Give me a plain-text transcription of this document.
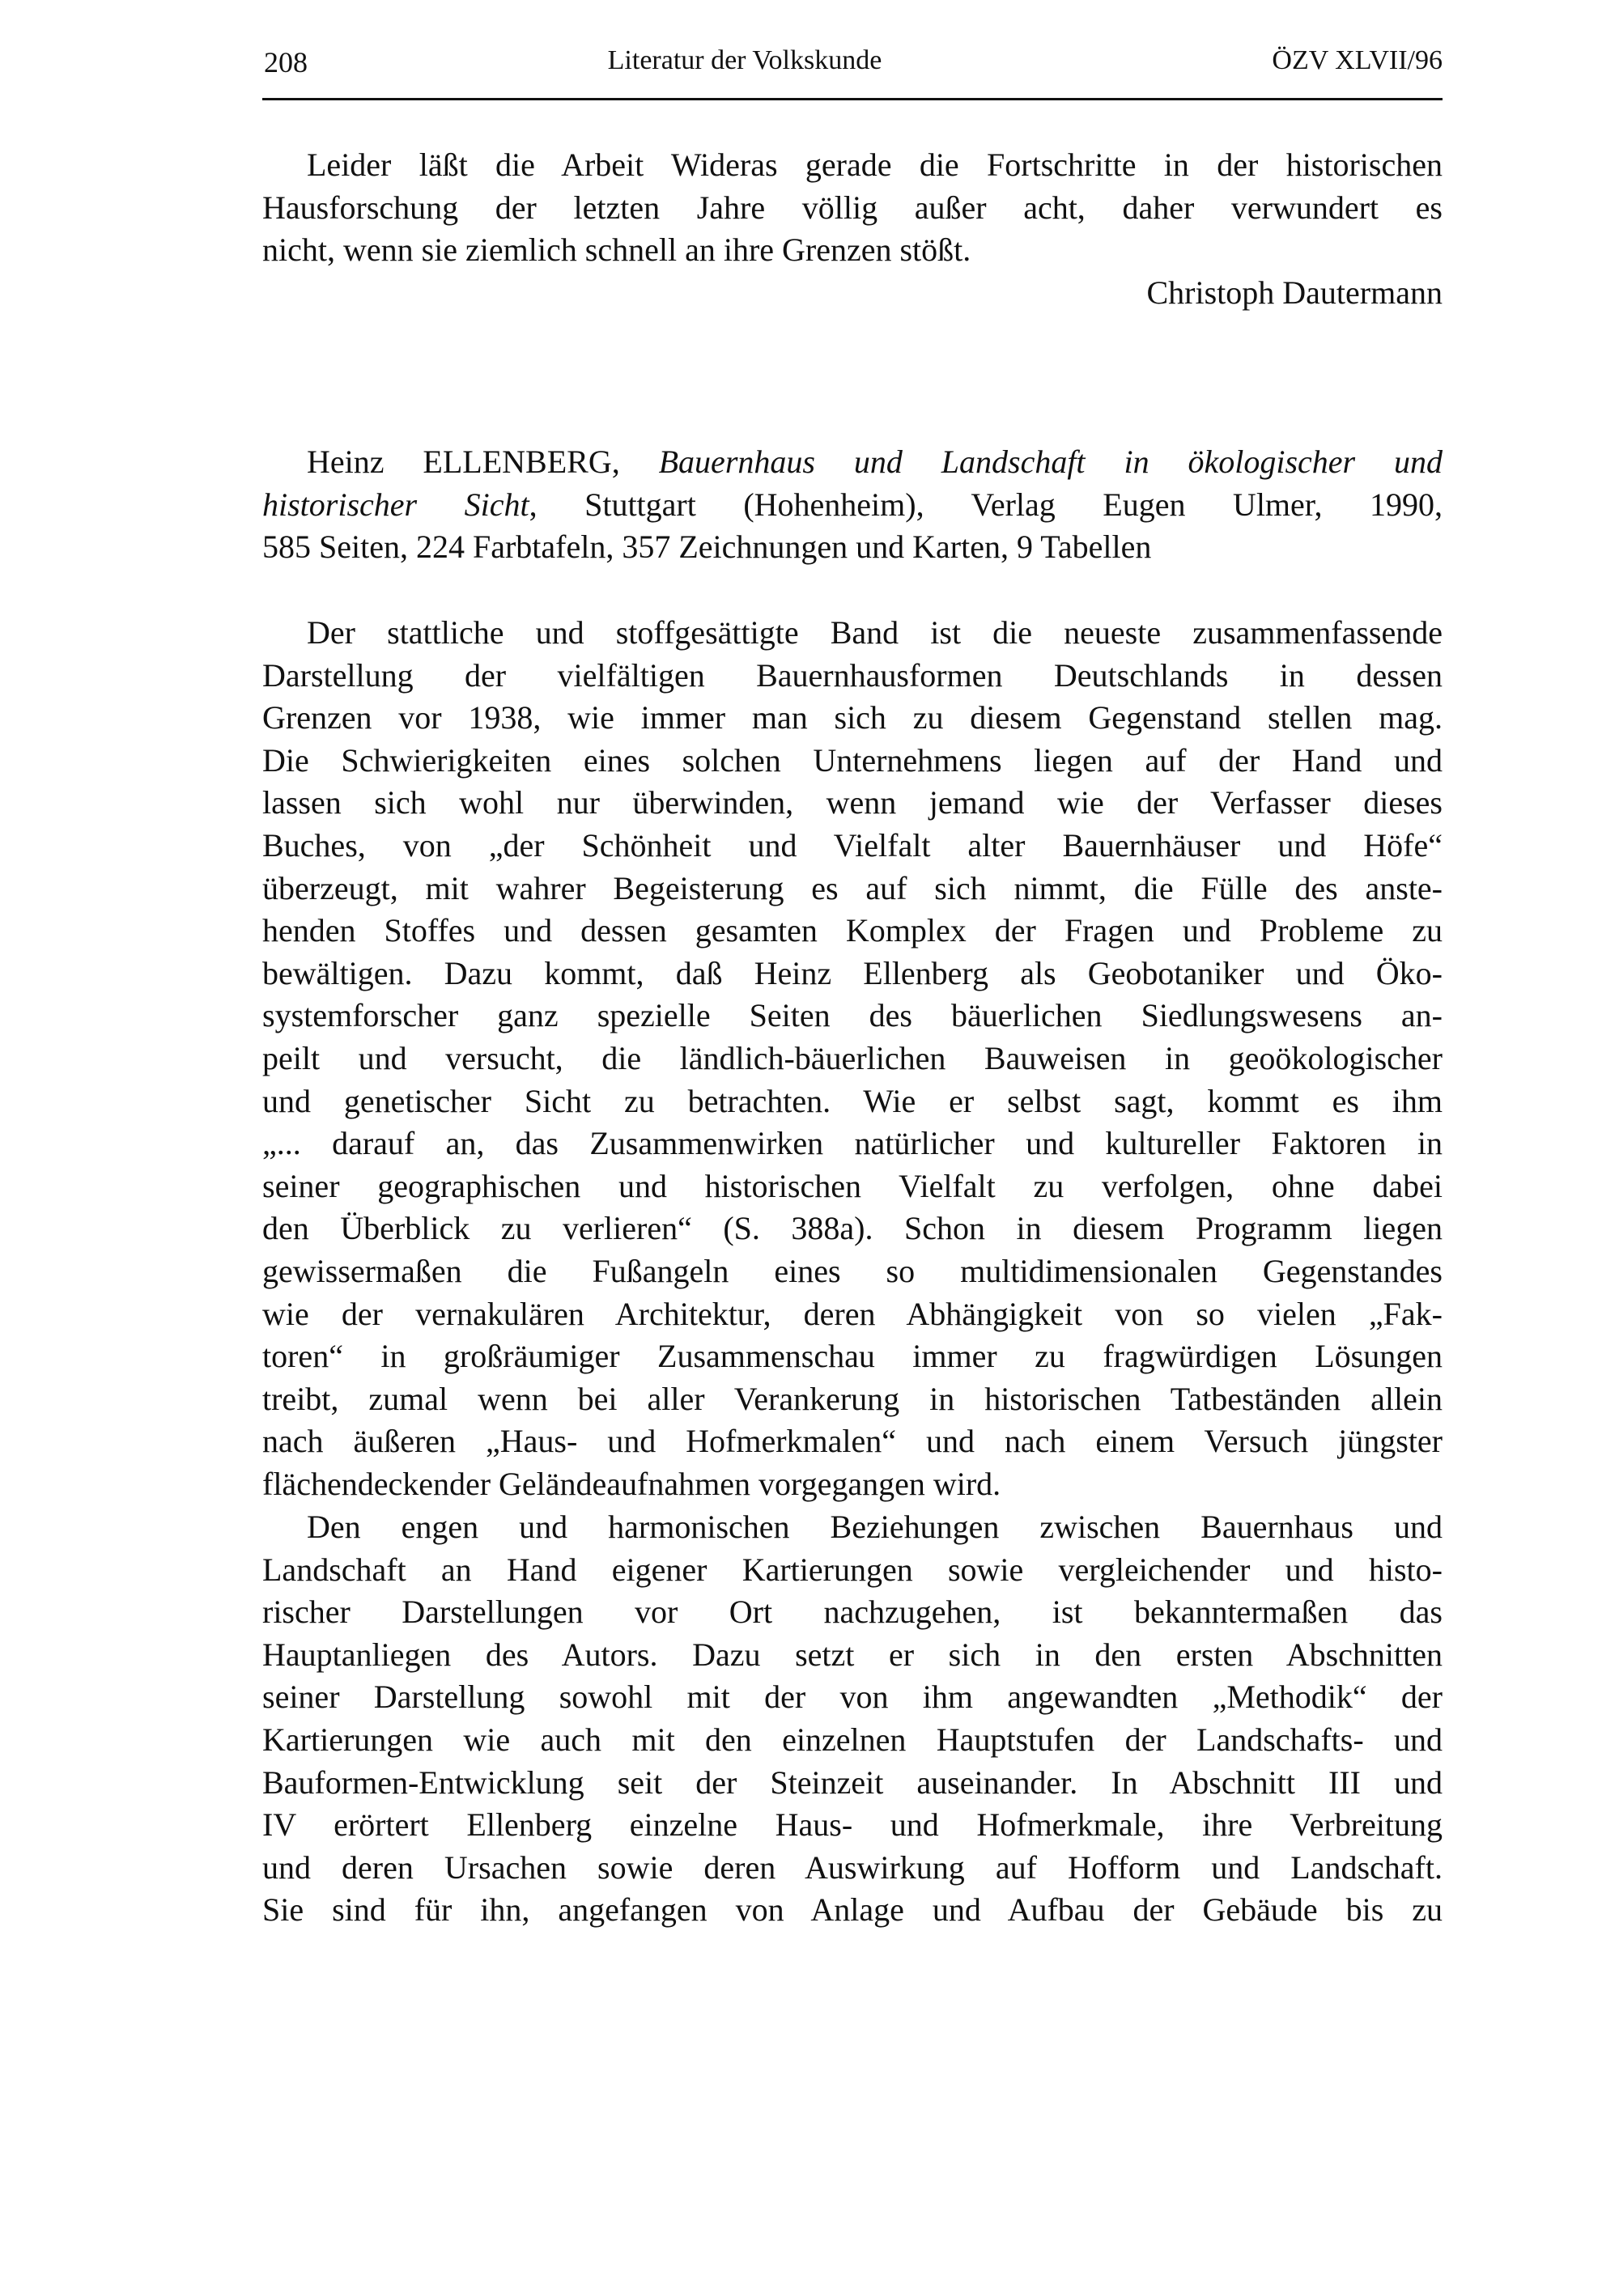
208	Literatur der Volkskunde	ÖZV XLVII/96
Leider läßt die Arbeit Wideras gerade die Fortschritte in der historischen
Hausforschung der letzten Jahre völlig außer acht, daher verwundert es
nicht, wenn sie ziemlich schnell an ihre Grenzen stößt.
Christoph Dautermann
Heinz ELLENBERG, Bauernhaus und Landschaft in ökologischer und
historischer Sicht, Stuttgart (Hohenheim), Verlag Eugen Ulmer, 1990,
585 Seiten, 224 Farbtafeln, 357 Zeichnungen und Karten, 9 Tabellen
Der stattliche und stoffgesättigte Band ist die neueste zusammenfassende
Darstellung der vielfältigen Bauernhausformen Deutschlands in dessen
Grenzen vor 1938, wie immer man sich zu diesem Gegenstand stellen mag.
Die Schwierigkeiten eines solchen Unternehmens liegen auf der Hand und
lassen sich wohl nur überwinden, wenn jemand wie der Verfasser dieses
Buches, von „der Schönheit und Vielfalt alter Bauernhäuser und Höfe“
überzeugt, mit wahrer Begeisterung es auf sich nimmt, die Fülle des anste-
henden Stoffes und dessen gesamten Komplex der Fragen und Probleme zu
bewältigen. Dazu kommt, daß Heinz Ellenberg als Geobotaniker und Öko-
systemforscher ganz spezielle Seiten des bäuerlichen Siedlungswesens an-
peilt und versucht, die ländlich-bäuerlichen Bauweisen in geoökologischer
und genetischer Sicht zu betrachten. Wie er selbst sagt, kommt es ihm
„... darauf an, das Zusammenwirken natürlicher und kultureller Faktoren in
seiner geographischen und historischen Vielfalt zu verfolgen, ohne dabei
den Überblick zu verlieren“ (S. 388a). Schon in diesem Programm liegen
gewissermaßen die Fußangeln eines so multidimensionalen Gegenstandes
wie der vernakulären Architektur, deren Abhängigkeit von so vielen „Fak-
toren“ in großräumiger Zusammenschau immer zu fragwürdigen Lösungen
treibt, zumal wenn bei aller Verankerung in historischen Tatbeständen allein
nach äußeren „Haus- und Hofmerkmalen“ und nach einem Versuch jüngster
flächendeckender Geländeaufnahmen vorgegangen wird.
Den engen und harmonischen Beziehungen zwischen Bauernhaus und
Landschaft an Hand eigener Kartierungen sowie vergleichender und histo-
rischer Darstellungen vor Ort nachzugehen, ist bekanntermaßen das
Hauptanliegen des Autors. Dazu setzt er sich in den ersten Abschnitten
seiner Darstellung sowohl mit der von ihm angewandten „Methodik“ der
Kartierungen wie auch mit den einzelnen Hauptstufen der Landschafts- und
Bauformen-Entwicklung seit der Steinzeit auseinander. In Abschnitt III und
IV erörtert Ellenberg einzelne Haus- und Hofmerkmale, ihre Verbreitung
und deren Ursachen sowie deren Auswirkung auf Hofform und Landschaft.
Sie sind für ihn, angefangen von Anlage und Aufbau der Gebäude bis zu
